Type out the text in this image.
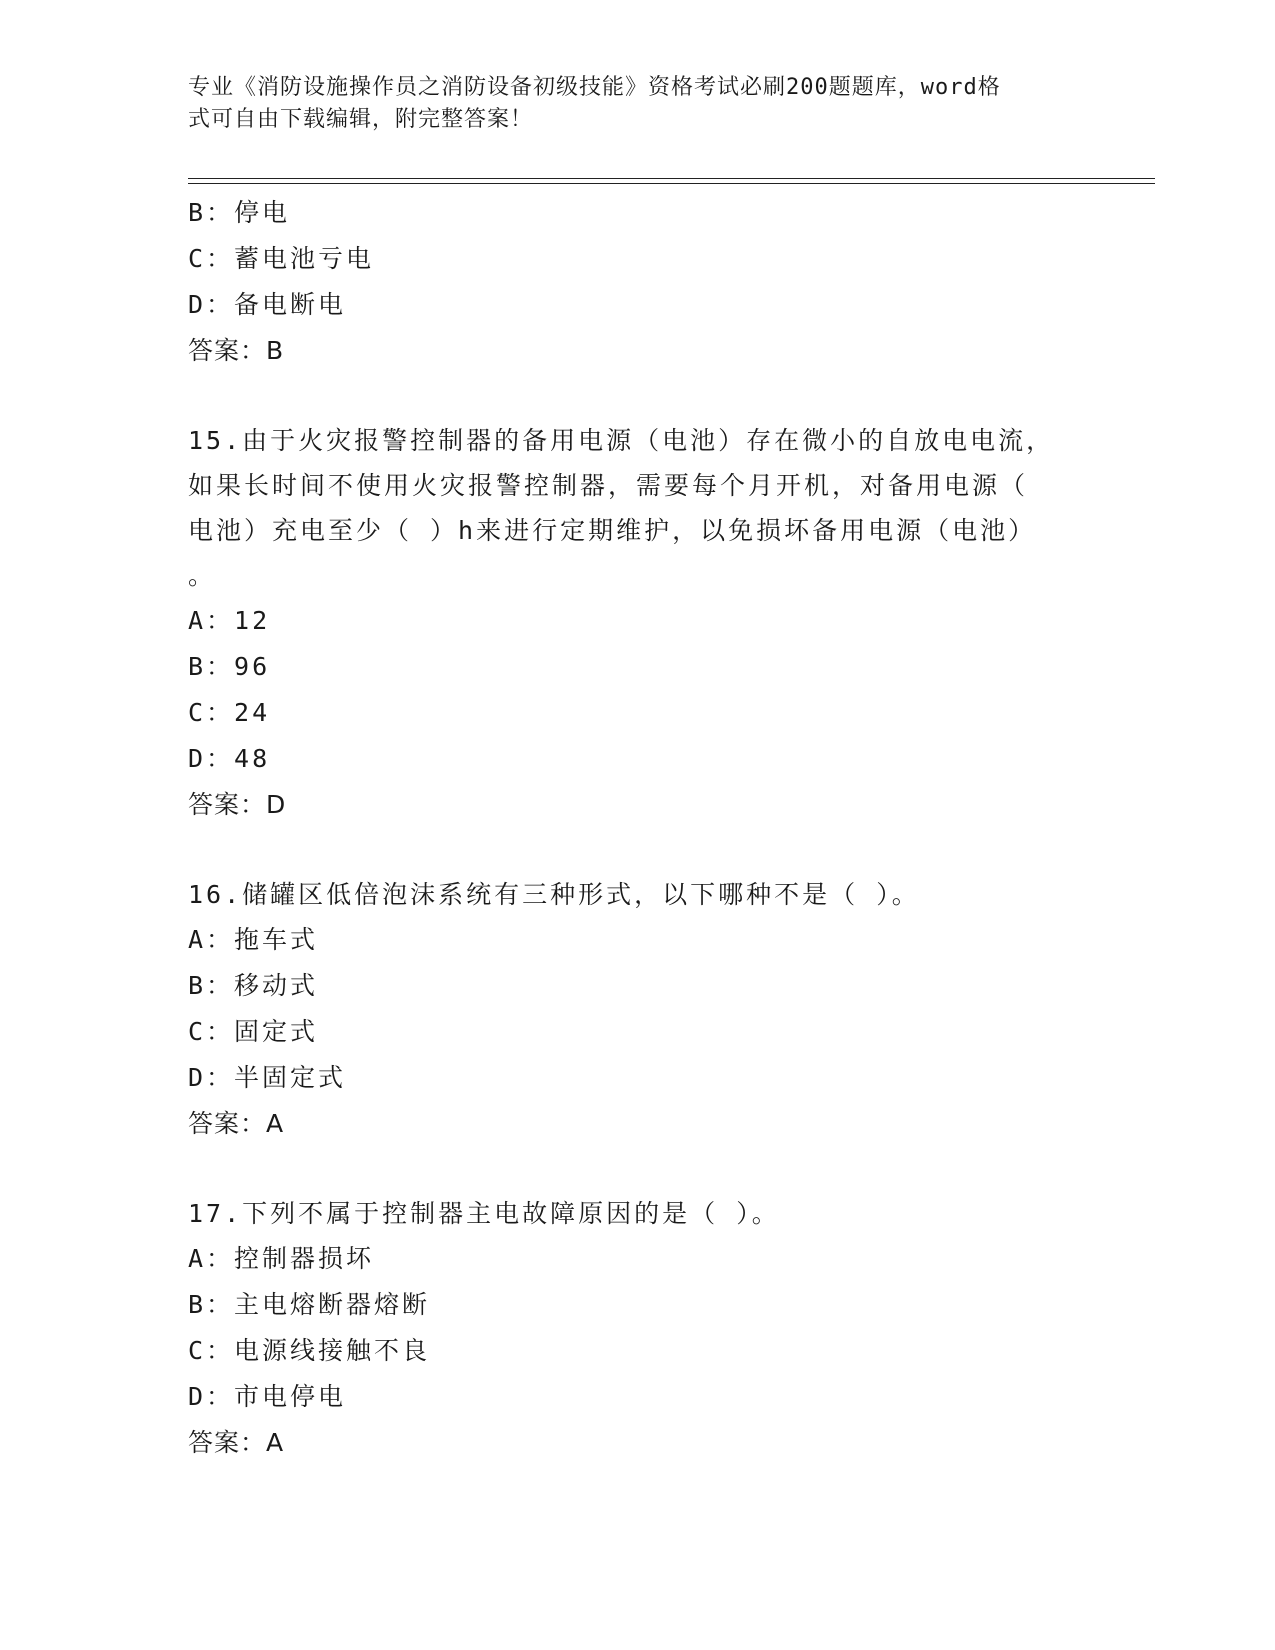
专业《消防设施操作员之消防设备初级技能》资格考试必刷200题题库，word格
式可自由下载编辑，附完整答案！
B：停电
C：蓄电池亏电
D：备电断电
答案：B
15.由于火灾报警控制器的备用电源（电池）存在微小的自放电电流，
如果长时间不使用火灾报警控制器，需要每个月开机，对备用电源（
电池）充电至少（ ）h来进行定期维护，以免损坏备用电源（电池）
。
A：12
B：96
C：24
D：48
答案：D
16.储罐区低倍泡沫系统有三种形式，以下哪种不是（ ）。
A：拖车式
B：移动式
C：固定式
D：半固定式
答案：A
17.下列不属于控制器主电故障原因的是（ ）。
A：控制器损坏
B：主电熔断器熔断
C：电源线接触不良
D：市电停电
答案：A
